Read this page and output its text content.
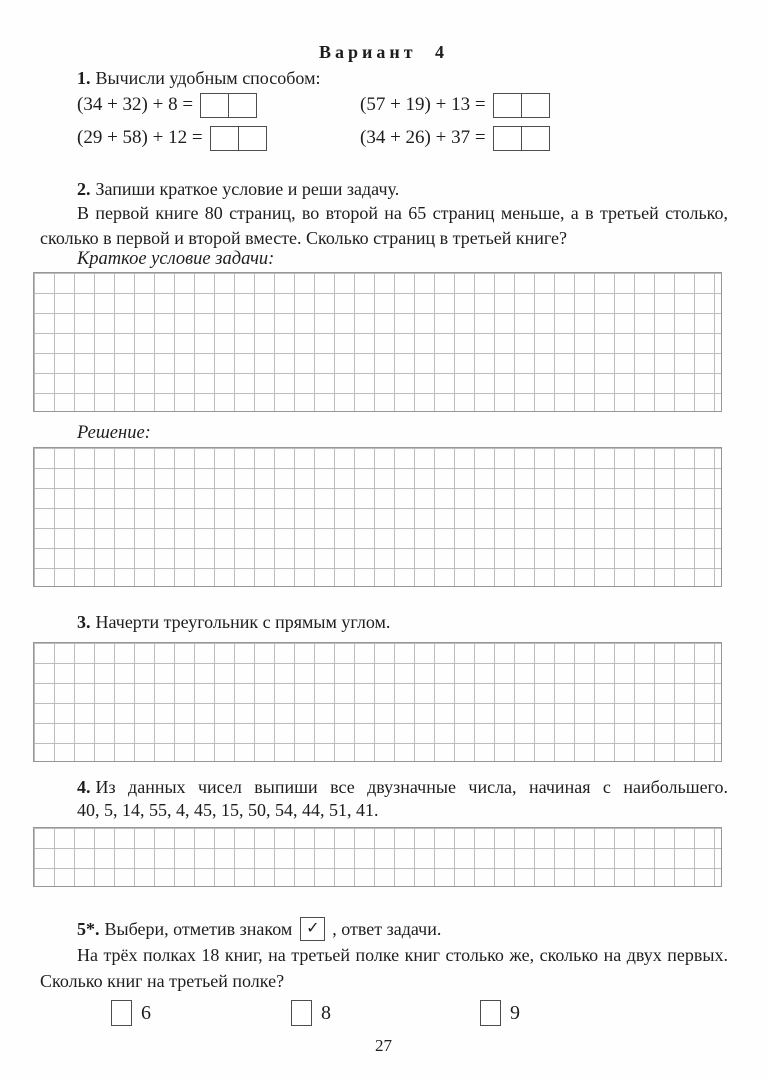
Вариант 4
1. Вычисли удобным способом:
(34 + 32) + 8 =	(57 + 19) + 13 =
(29 + 58) + 12 =	(34 + 26) + 37 =
2. Запиши краткое условие и реши задачу.
В первой книге 80 страниц, во второй на 65 страниц меньше, а в третьей столько, сколько в первой и второй вместе. Сколько страниц в третьей книге?
Краткое условие задачи:
Решение:
3. Начерти треугольник с прямым углом.
4. Из данных чисел выпиши все двузначные числа, начиная с наибольшего.
40, 5, 14, 55, 4, 45, 15, 50, 54, 44, 51, 41.
5*. Выбери, отметив знаком ✓ , ответ задачи.
На трёх полках 18 книг, на третьей полке книг столько же, сколько на двух первых. Сколько книг на третьей полке?
6	8	9
27
